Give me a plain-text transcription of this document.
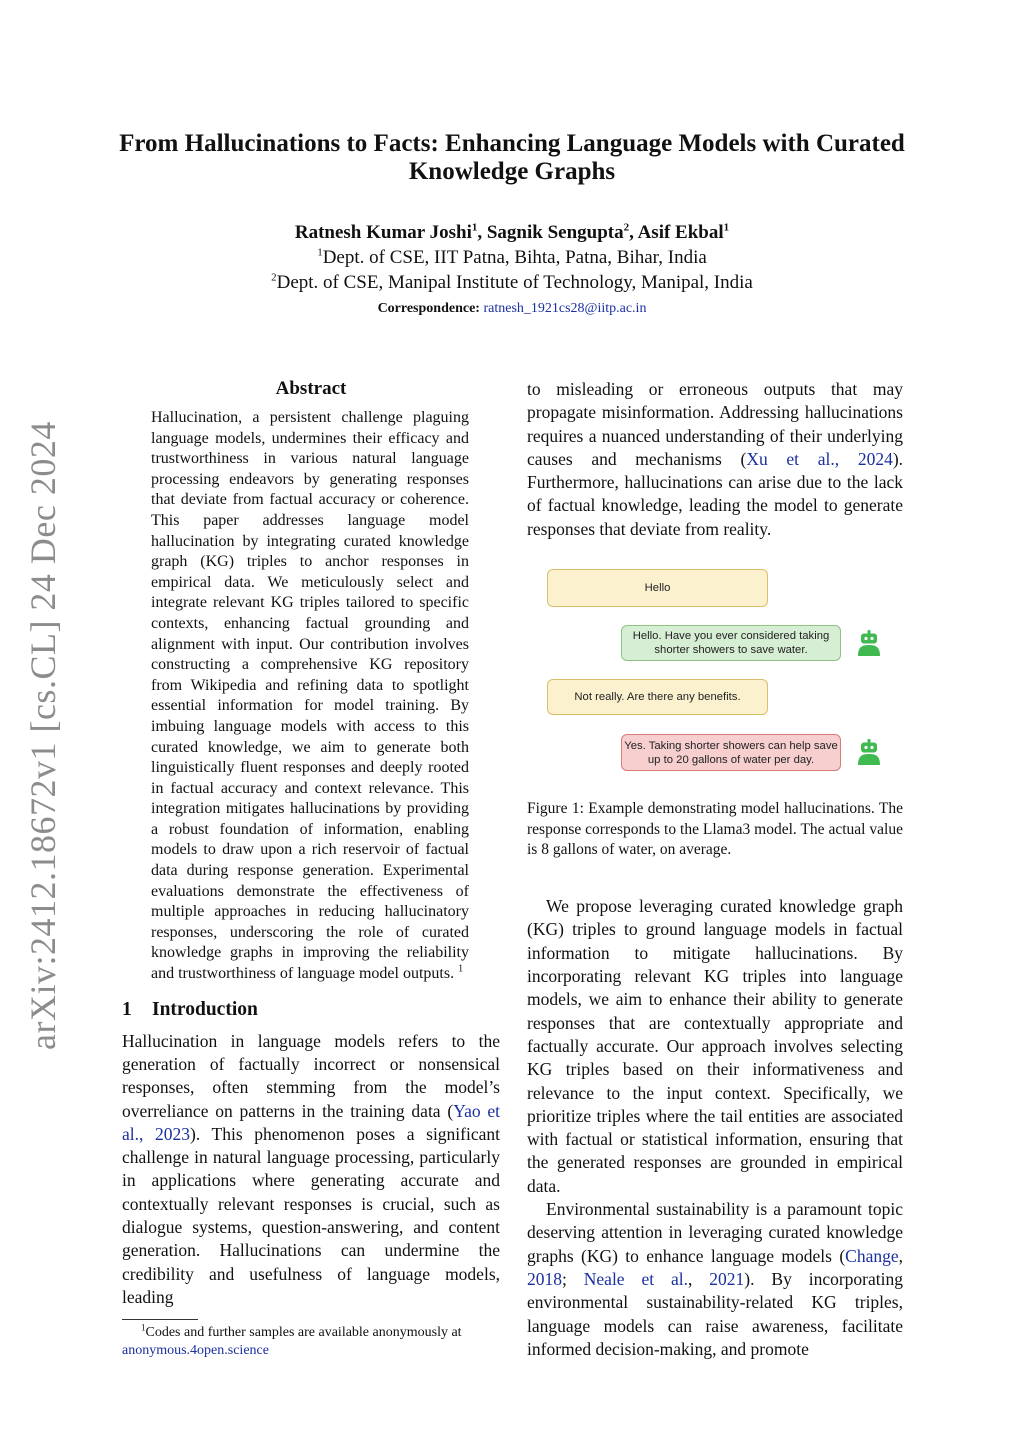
arXiv:2412.18672v1 [cs.CL] 24 Dec 2024
From Hallucinations to Facts: Enhancing Language Models with Curated
Knowledge Graphs
Ratnesh Kumar Joshi$^1$, Sagnik Sengupta$^2$, Asif Ekbal$^1$
$^1$Dept. of CSE, IIT Patna, Bihta, Patna, Bihar, India
$^2$Dept. of CSE, Manipal Institute of Technology, Manipal, India
Correspondence: ratnesh_1921cs28@iitp.ac.in
Abstract
Hallucination, a persistent challenge plaguing language models, undermines their efficacy and trustworthiness in various natural language processing endeavors by generating responses that deviate from factual accuracy or coherence. This paper addresses language model hallucination by integrating curated knowledge graph (KG) triples to anchor responses in empirical data. We meticulously select and integrate relevant KG triples tailored to specific contexts, enhancing factual grounding and alignment with input. Our contribution involves constructing a comprehensive KG repository from Wikipedia and refining data to spotlight essential information for model training. By imbuing language models with access to this curated knowledge, we aim to generate both linguistically fluent responses and deeply rooted in factual accuracy and context relevance. This integration mitigates hallucinations by providing a robust foundation of information, enabling models to draw upon a rich reservoir of factual data during response generation. Experimental evaluations demonstrate the effectiveness of multiple approaches in reducing hallucinatory responses, underscoring the role of curated knowledge graphs in improving the reliability and trustworthiness of language model outputs. $^1$
1 Introduction

Hallucination in language models refers to the generation of factually incorrect or nonsensical responses, often stemming from the model’s overreliance on patterns in the training data (Yao et al., 2023). This phenomenon poses a significant challenge in natural language processing, particularly in applications where generating accurate and contextually relevant responses is crucial, such as dialogue systems, question-answering, and content generation. Hallucinations can undermine the credibility and usefulness of language models, leading

$^1$Codes and further samples are available anonymously at
anonymous.4open.science

to misleading or erroneous outputs that may propagate misinformation. Addressing hallucinations requires a nuanced understanding of their underlying causes and mechanisms (Xu et al., 2024). Furthermore, hallucinations can arise due to the lack of factual knowledge, leading the model to generate responses that deviate from reality.

Hello
Hello. Have you ever considered taking shorter showers to save water.
Not really. Are there any benefits.
Yes. Taking shorter showers can help save up to 20 gallons of water per day.

Figure 1: Example demonstrating model hallucinations. The response corresponds to the Llama3 model. The actual value is 8 gallons of water, on average.

We propose leveraging curated knowledge graph (KG) triples to ground language models in factual information to mitigate hallucinations. By incorporating relevant KG triples into language models, we aim to enhance their ability to generate responses that are contextually appropriate and factually accurate. Our approach involves selecting KG triples based on their informativeness and relevance to the input context. Specifically, we prioritize triples where the tail entities are associated with factual or statistical information, ensuring that the generated responses are grounded in empirical data.

Environmental sustainability is a paramount topic deserving attention in leveraging curated knowledge graphs (KG) to enhance language models (Change, 2018; Neale et al., 2021). By incorporating environmental sustainability-related KG triples, language models can raise awareness, facilitate informed decision-making, and promote
